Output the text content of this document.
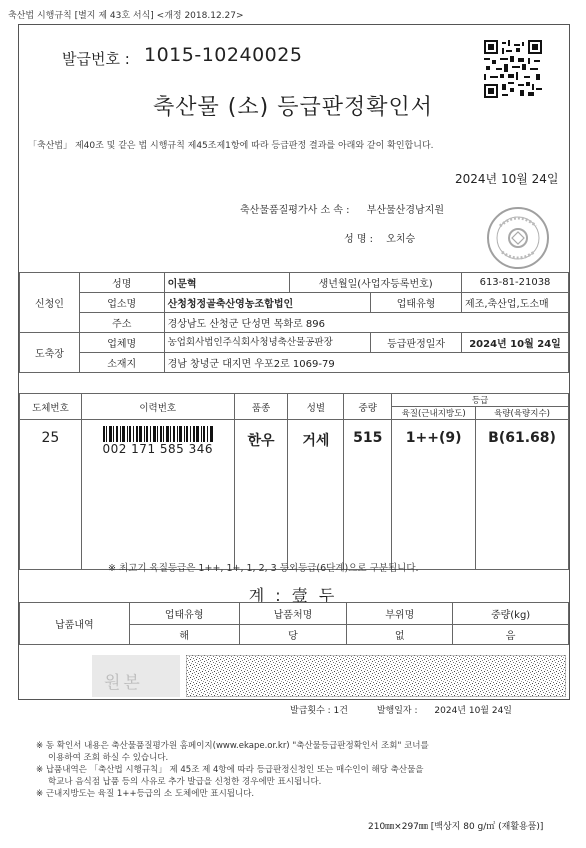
축산법 시행규칙 [별지 제 43호 서식] <개정 2018.12.27>
발급번호 : 1015-10240025
축산물 (소) 등급판정확인서
「축산법」 제40조 및 같은 법 시행규칙 제45조제1항에 따라 등급판정 결과를 아래와 같이 확인합니다.
2024년 10월 24일
축산물품질평가사 소 속 : 부산물산경남지원
성 명 : 오치승
신청인	성명	이문혁	생년월일(사업자등록번호)		613-81-21038
	업소명	산청청정골축산영농조합법인		업태유형	제조,축산업,도소매
	주소	경상남도 산청군 단성면 목화로 896			
도축장	업체명	농업회사법인주식회사청녕축산물공판장		등급판정일자	2024년 10월 24일
	소재지	경남 창녕군 대지면 우포2로 1069-79			
도체번호	이력번호	품종	성별	중량	등급	
					육질(근내지방도)	육량(육량지수)
25	002 171 585 346	한우	거세	515	1++(9)	B(61.68)
※ 최고기 육질등급은 1++, 1+, 1, 2, 3 등외등급(6단계)으로 구분됩니다.
계 : 壹 두
납품내역	업태유형	납품처명	부위명	중량(kg)
	해	당	없	음
원본
발급횟수 : 1건	발행일자 : 2024년 10월 24일
※ 동 확인서 내용은 축산물품질평가원 홈페이지(www.ekape.or.kr) "축산물등급판정확인서 조회" 코너를
이용하여 조회 하실 수 있습니다.
※ 납품내역은 「축산법 시행규칙」 제 45조 제 4항에 따라 등급판정신청인 또는 매수인이 해당 축산물을
학교나 음식점 납품 등의 사유로 추가 발급을 신청한 경우에만 표시됩니다.
※ 근내지방도는 육질 1++등급의 소 도체에만 표시됩니다.
210㎜×297㎜ [백상지 80 g/㎡ (재활용품)]
